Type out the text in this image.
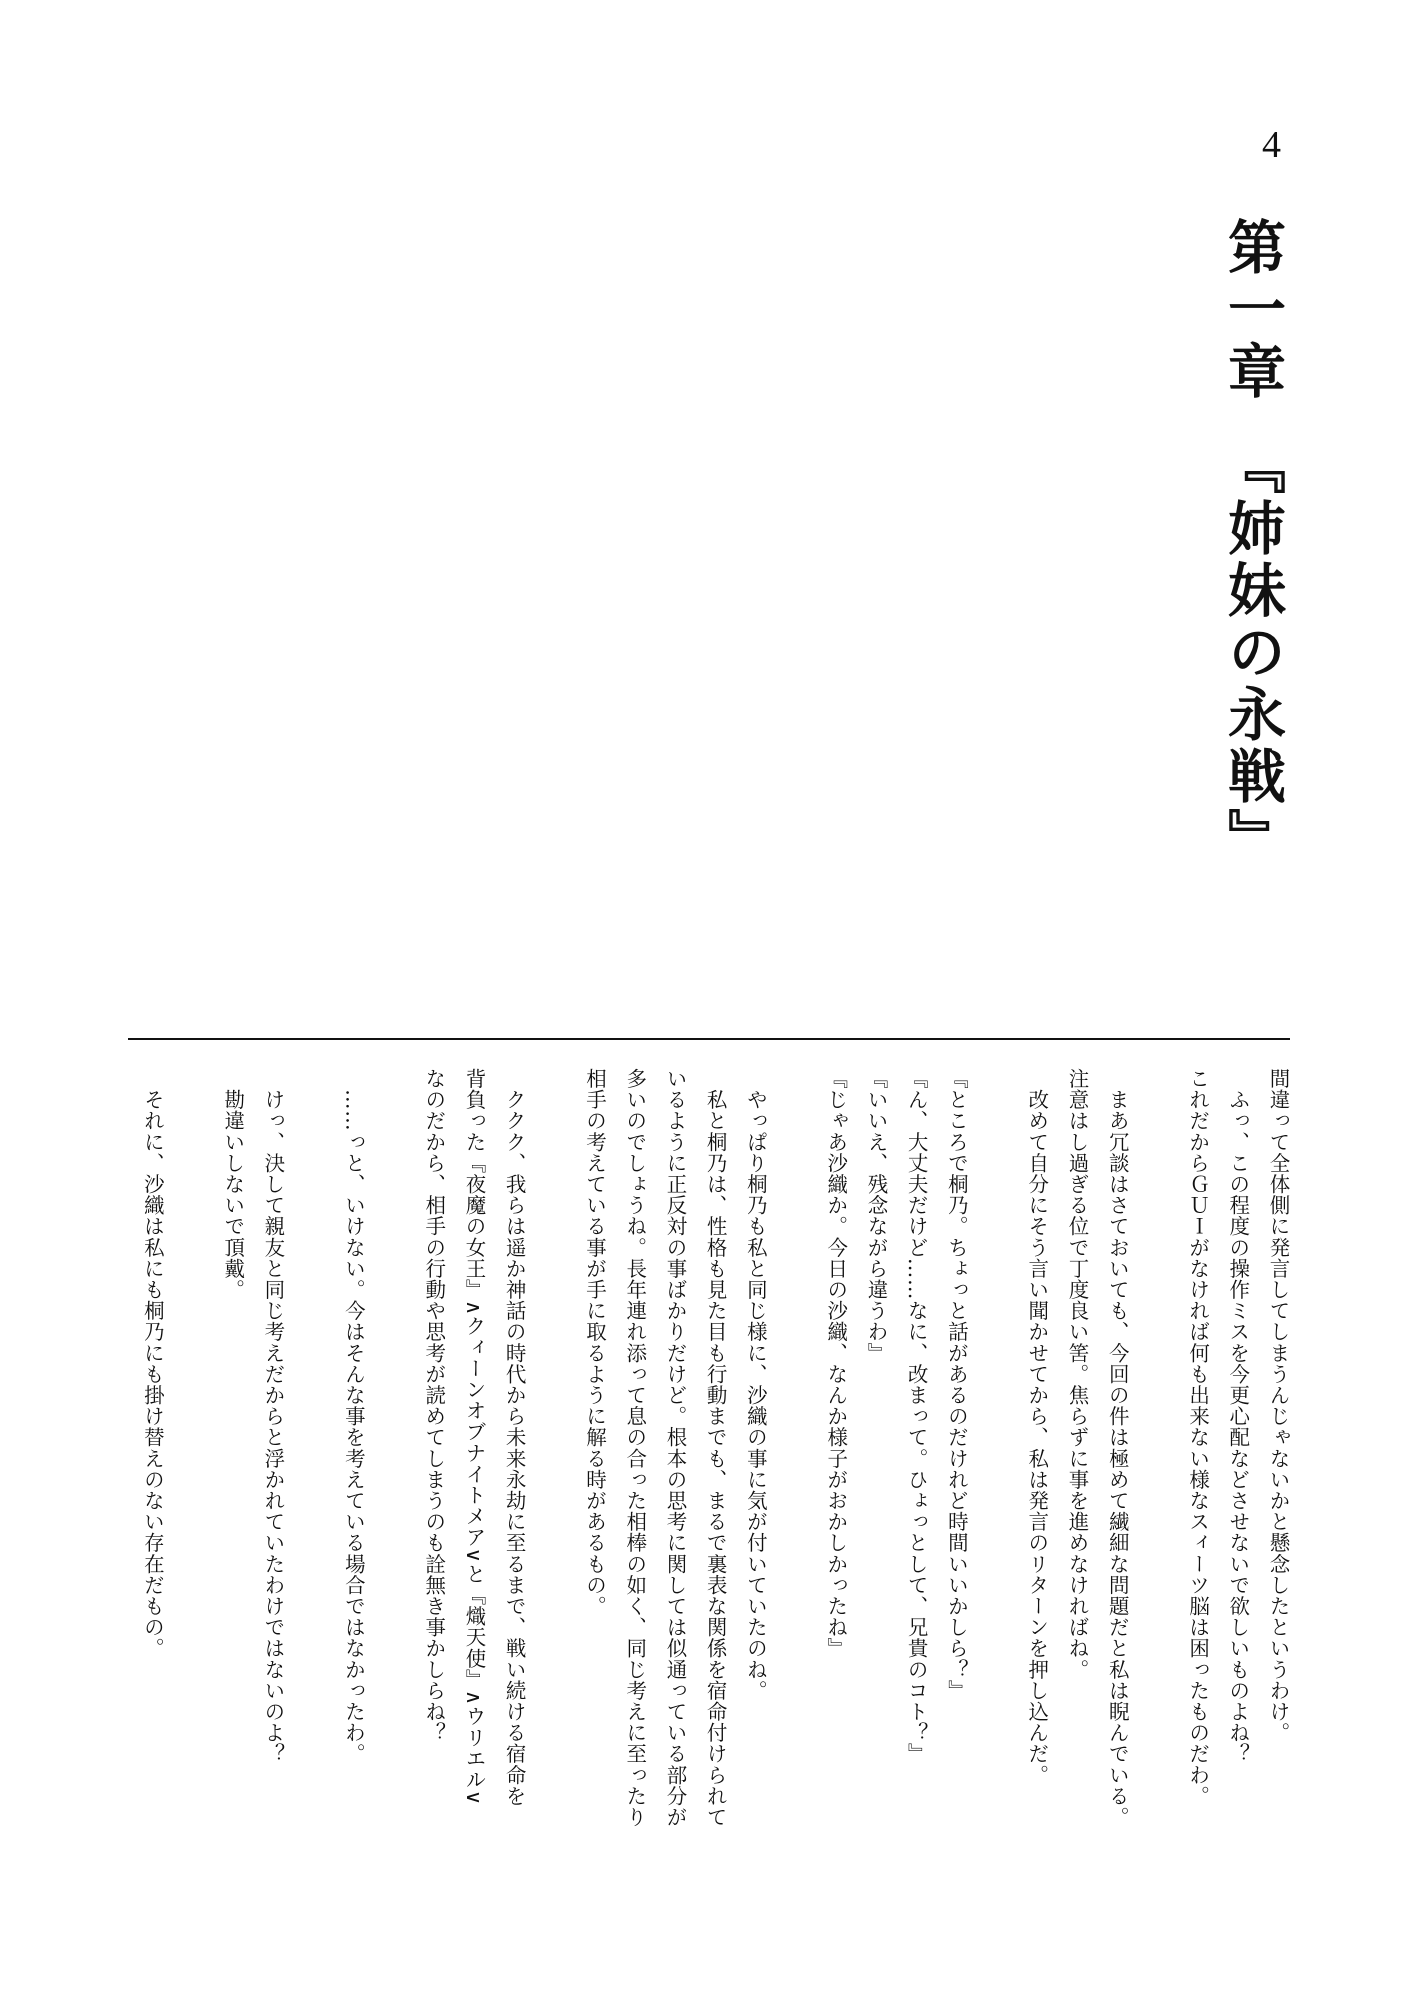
4
第一章　『姉妹の永戦』

間違って全体側に発言してしまうんじゃないかと懸念したというわけ。
　ふっ、この程度の操作ミスを今更心配などさせないで欲しいものよね？
これだからＧＵＩがなければ何も出来ない様なスィーツ脳は困ったものだわ。

　まあ冗談はさておいても、今回の件は極めて繊細な問題だと私は睨んでいる。
注意はし過ぎる位で丁度良い筈。焦らずに事を進めなければね。
　改めて自分にそう言い聞かせてから、私は発言のリターンを押し込んだ。

『ところで桐乃。ちょっと話があるのだけれど時間いいかしら？』
『ん、大丈夫だけど……なに、改まって。ひょっとして、兄貴のコト？』
『いいえ、残念ながら違うわ』
『じゃあ沙織か。今日の沙織、なんか様子がおかしかったね』

　やっぱり桐乃も私と同じ様に、沙織の事に気が付いていたのね。
　私と桐乃は、性格も見た目も行動までも、まるで裏表な関係を宿命付けられて
いるように正反対の事ばかりだけど。根本の思考に関しては似通っている部分が
多いのでしょうね。長年連れ添って息の合った相棒の如く、同じ考えに至ったり
相手の考えている事が手に取るように解る時があるもの。

　ククク、我らは遥か神話の時代から未来永劫に至るまで、戦い続ける宿命を
背負った『夜魔の女王』∧クィーンオブナイトメア∨と『熾天使』∧ウリエル∨
なのだから、相手の行動や思考が読めてしまうのも詮無き事かしらね？

　……っと、いけない。今はそんな事を考えている場合ではなかったわ。

　けっ、決して親友と同じ考えだからと浮かれていたわけではないのよ？
　勘違いしないで頂戴。

　それに、沙織は私にも桐乃にも掛け替えのない存在だもの。
